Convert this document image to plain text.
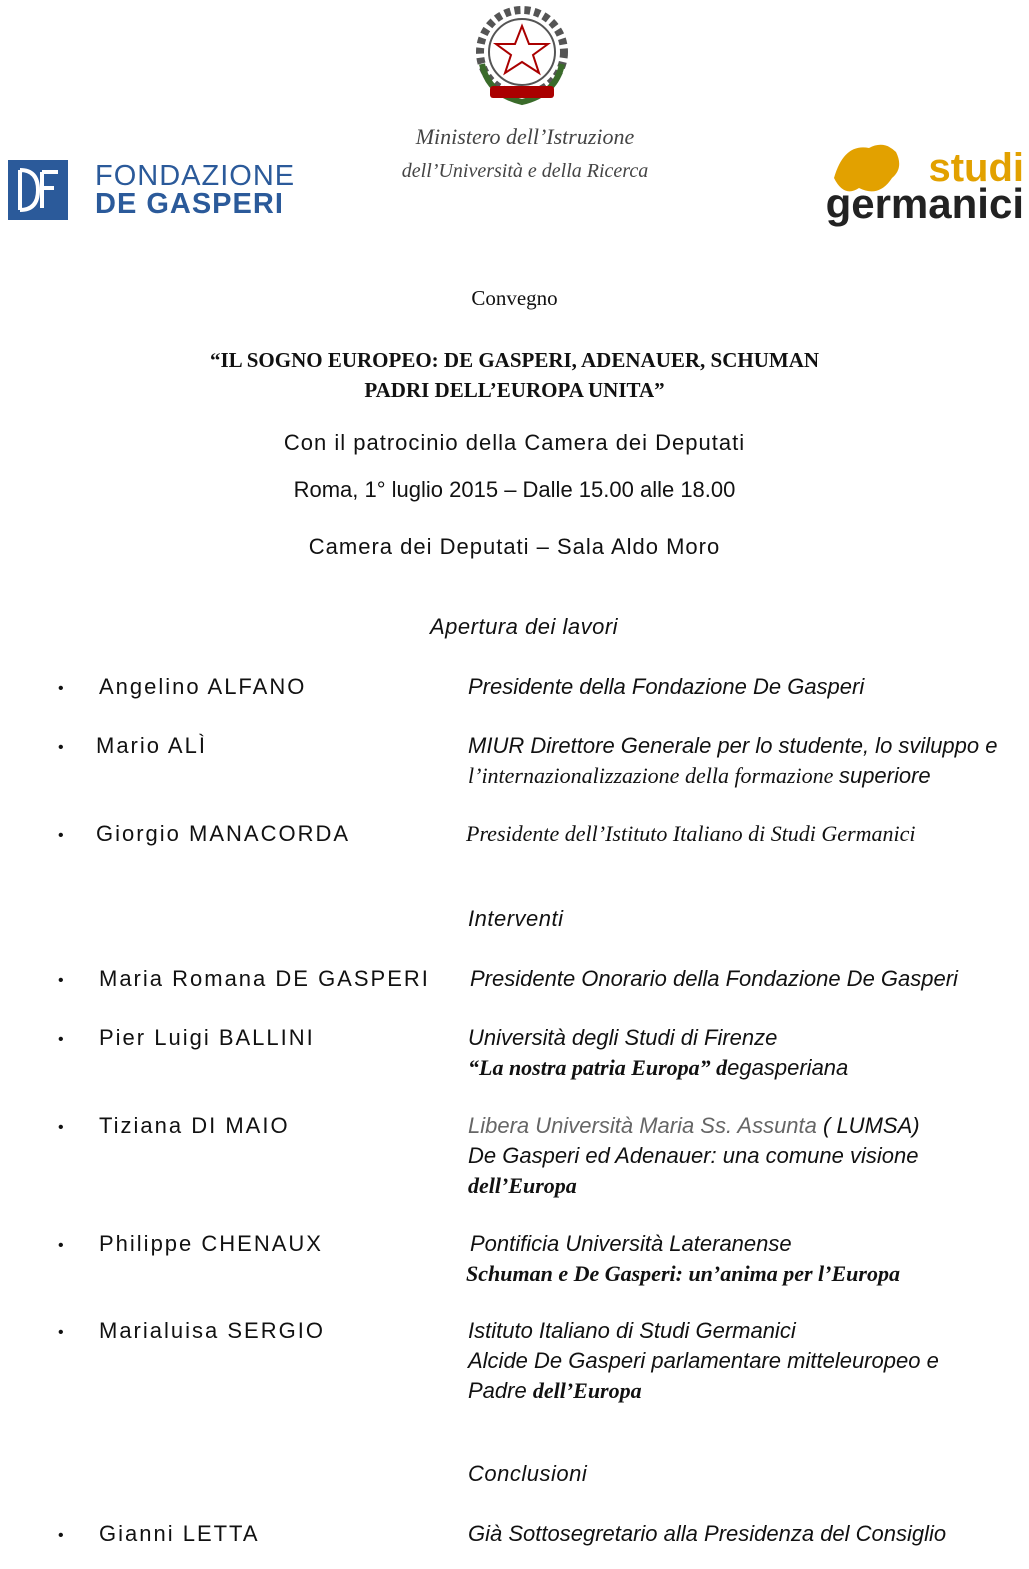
Ministero dell’Istruzione
dell’Università e della Ricerca
FONDAZIONE
DE GASPERI
studi
germanici
Convegno
“IL SOGNO EUROPEO: DE GASPERI, ADENAUER, SCHUMAN
PADRI DELL’EUROPA UNITA”
Con il patrocinio della Camera dei Deputati
Roma, 1° luglio 2015 – Dalle 15.00 alle 18.00
Camera dei Deputati – Sala Aldo Moro
Apertura dei lavori
• Angelino ALFANO	Presidente della Fondazione De Gasperi
• Mario ALÌ	MIUR Direttore Generale per lo studente, lo sviluppo e
l’internazionalizzazione della formazione superiore
• Giorgio MANACORDA	Presidente dell’Istituto Italiano di Studi Germanici
Interventi
• Maria Romana DE GASPERI Presidente Onorario della Fondazione De Gasperi
• Pier Luigi BALLINI	Università degli Studi di Firenze
“La nostra patria Europa” degasperiana
• Tiziana DI MAIO	Libera Università Maria Ss. Assunta ( LUMSA)
De Gasperi ed Adenauer: una comune visione
dell’Europa
• Philippe CHENAUX	Pontificia Università Lateranense
Schuman e De Gasperi: un’anima per l’Europa
• Marialuisa SERGIO	Istituto Italiano di Studi Germanici
Alcide De Gasperi parlamentare mitteleuropeo e
Padre dell’Europa
Conclusioni
• Gianni LETTA	Già Sottosegretario alla Presidenza del Consiglio
